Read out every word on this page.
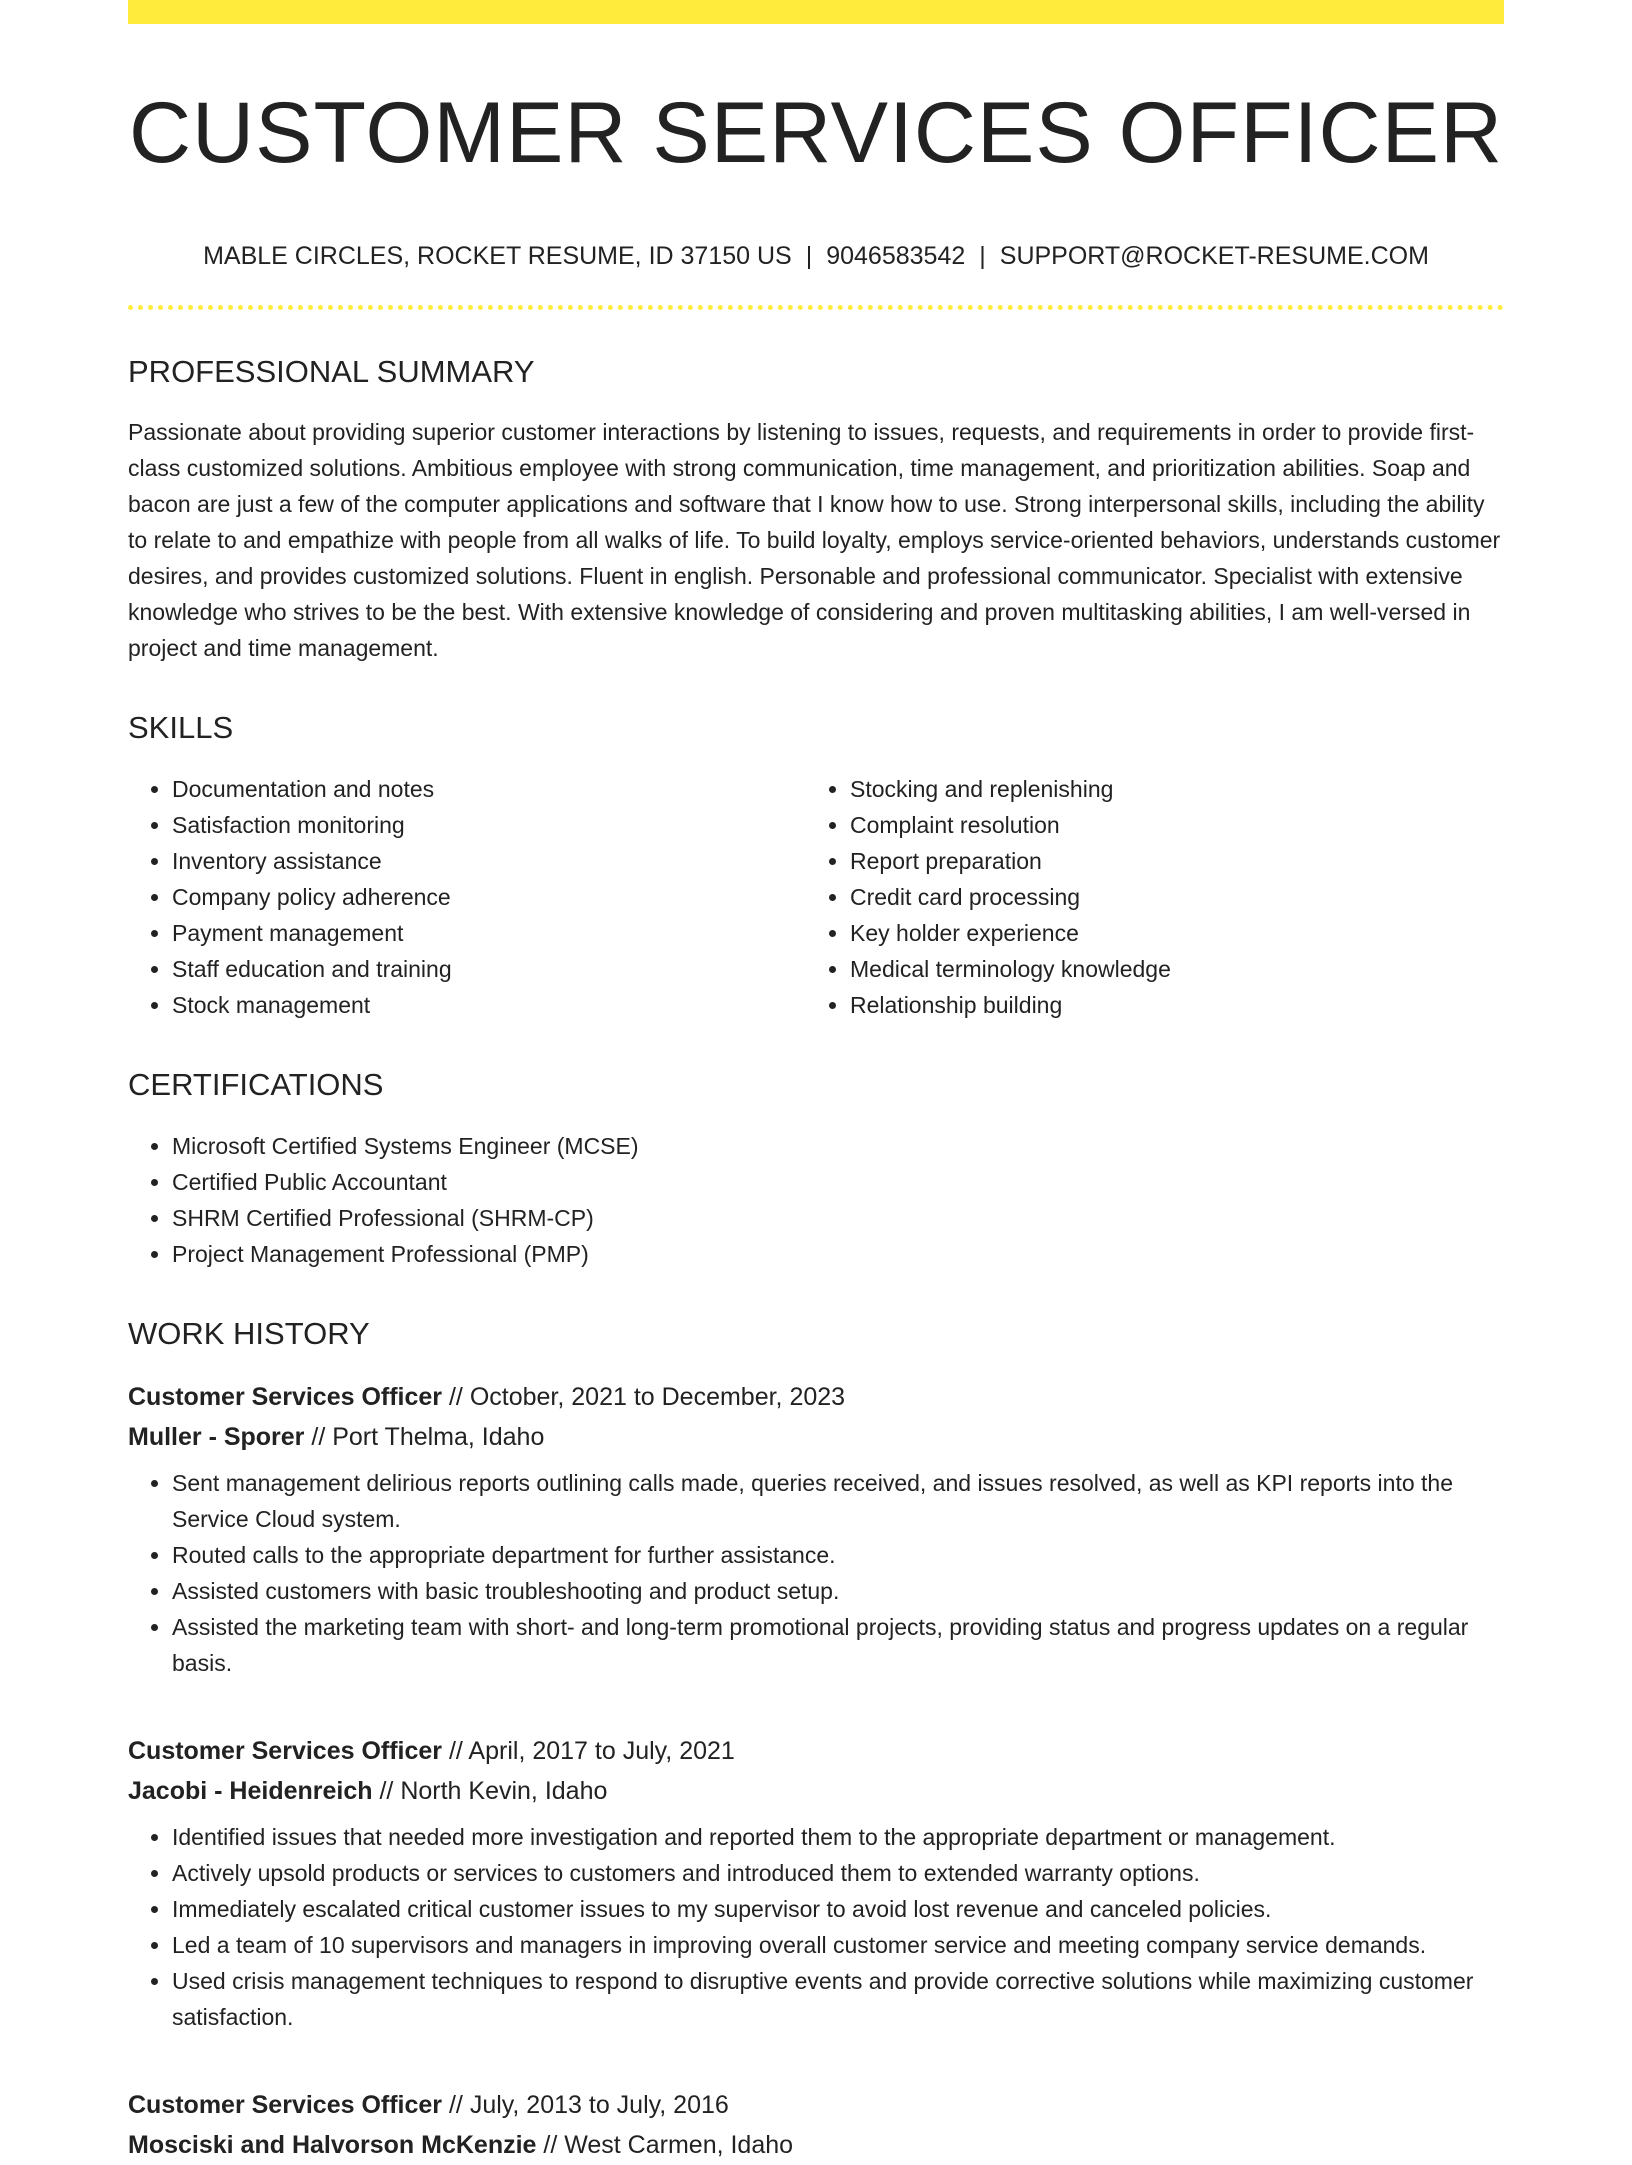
CUSTOMER SERVICES OFFICER
MABLE CIRCLES, ROCKET RESUME, ID 37150 US | 9046583542 | SUPPORT@ROCKET-RESUME.COM
PROFESSIONAL SUMMARY

Passionate about providing superior customer interactions by listening to issues, requests, and requirements in order to provide first-class customized solutions. Ambitious employee with strong communication, time management, and prioritization abilities. Soap and bacon are just a few of the computer applications and software that I know how to use. Strong interpersonal skills, including the ability to relate to and empathize with people from all walks of life. To build loyalty, employs service-oriented behaviors, understands customer desires, and provides customized solutions. Fluent in english. Personable and professional communicator. Specialist with extensive knowledge who strives to be the best. With extensive knowledge of considering and proven multitasking abilities, I am well-versed in project and time management.

SKILLS
• Documentation and notes
• Satisfaction monitoring
• Inventory assistance
• Company policy adherence
• Payment management
• Staff education and training
• Stock management
• Stocking and replenishing
• Complaint resolution
• Report preparation
• Credit card processing
• Key holder experience
• Medical terminology knowledge
• Relationship building
CERTIFICATIONS
• Microsoft Certified Systems Engineer (MCSE)
• Certified Public Accountant
• SHRM Certified Professional (SHRM-CP)
• Project Management Professional (PMP)
WORK HISTORY
Customer Services Officer // October, 2021 to December, 2023
Muller - Sporer // Port Thelma, Idaho
• Sent management delirious reports outlining calls made, queries received, and issues resolved, as well as KPI reports into the Service Cloud system.
• Routed calls to the appropriate department for further assistance.
• Assisted customers with basic troubleshooting and product setup.
• Assisted the marketing team with short- and long-term promotional projects, providing status and progress updates on a regular basis.
Customer Services Officer // April, 2017 to July, 2021
Jacobi - Heidenreich // North Kevin, Idaho
• Identified issues that needed more investigation and reported them to the appropriate department or management.
• Actively upsold products or services to customers and introduced them to extended warranty options.
• Immediately escalated critical customer issues to my supervisor to avoid lost revenue and canceled policies.
• Led a team of 10 supervisors and managers in improving overall customer service and meeting company service demands.
• Used crisis management techniques to respond to disruptive events and provide corrective solutions while maximizing customer satisfaction.
Customer Services Officer // July, 2013 to July, 2016
Mosciski and Halvorson McKenzie // West Carmen, Idaho
